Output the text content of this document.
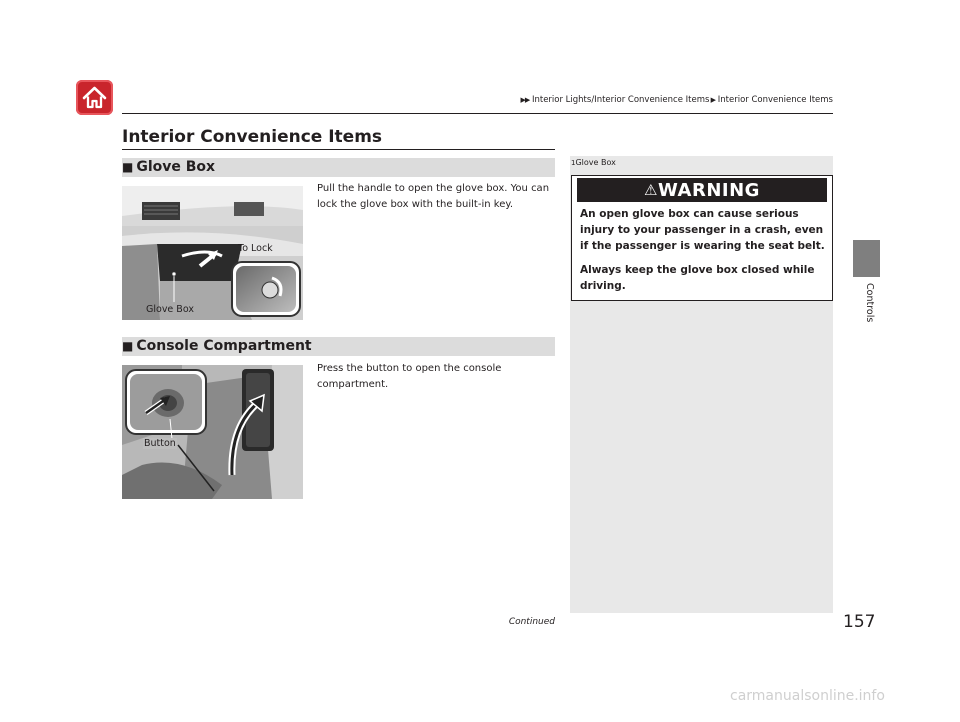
▶▶ Interior Lights/Interior Convenience Items ▶ Interior Convenience Items
Interior Convenience Items
■ Glove Box
Pull the handle to open the glove box. You can lock the glove box with the built-in key.
To Lock
Glove Box
■ Console Compartment
Press the button to open the console compartment.
Button
1Glove Box
⚠WARNING
An open glove box can cause serious injury to your passenger in a crash, even if the passenger is wearing the seat belt.
Always keep the glove box closed while driving.	Controls
Continued	157
carmanualsonline.info
